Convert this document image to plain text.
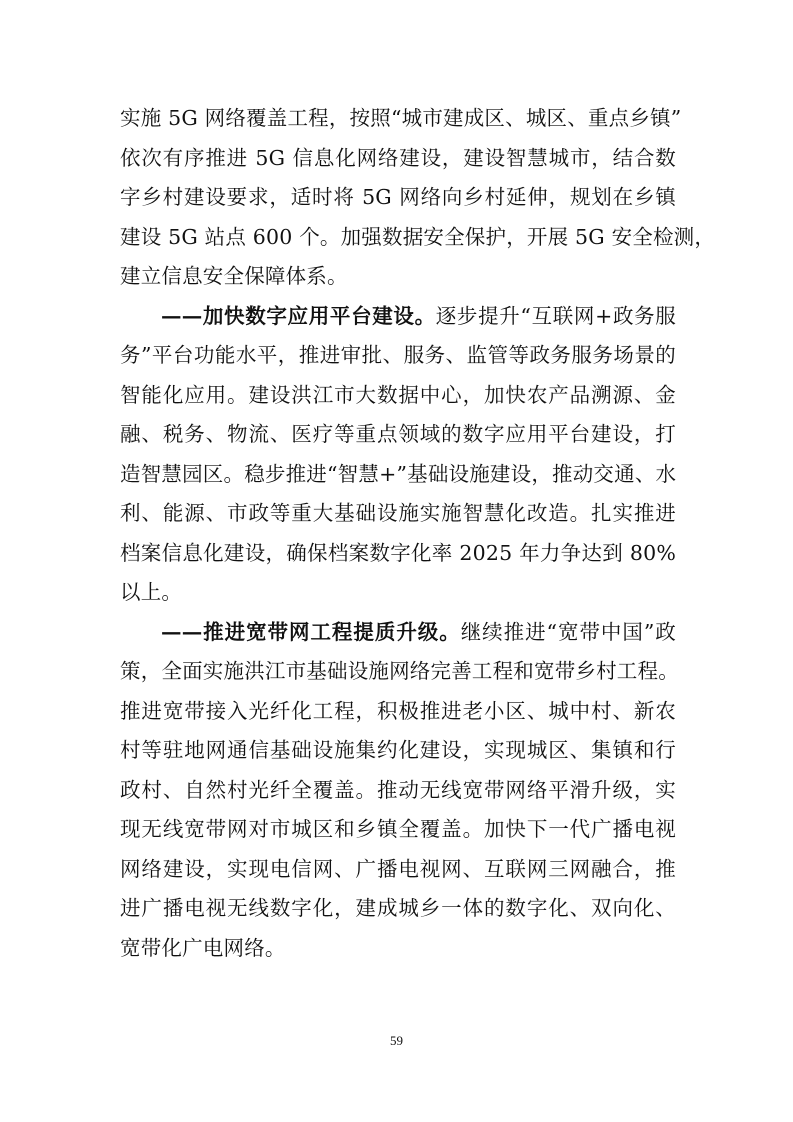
实施 5G 网络覆盖工程，按照“城市建成区、城区、重点乡镇”
依次有序推进 5G 信息化网络建设，建设智慧城市，结合数
字乡村建设要求，适时将 5G 网络向乡村延伸，规划在乡镇
建设 5G 站点 600 个。加强数据安全保护，开展 5G 安全检测，
建立信息安全保障体系。
——加快数字应用平台建设。逐步提升“互联网+政务服
务”平台功能水平，推进审批、服务、监管等政务服务场景的
智能化应用。建设洪江市大数据中心，加快农产品溯源、金
融、税务、物流、医疗等重点领域的数字应用平台建设，打
造智慧园区。稳步推进“智慧+”基础设施建设，推动交通、水
利、能源、市政等重大基础设施实施智慧化改造。扎实推进
档案信息化建设，确保档案数字化率 2025 年力争达到 80%
以上。
——推进宽带网工程提质升级。继续推进“宽带中国”政
策，全面实施洪江市基础设施网络完善工程和宽带乡村工程。
推进宽带接入光纤化工程，积极推进老小区、城中村、新农
村等驻地网通信基础设施集约化建设，实现城区、集镇和行
政村、自然村光纤全覆盖。推动无线宽带网络平滑升级，实
现无线宽带网对市城区和乡镇全覆盖。加快下一代广播电视
网络建设，实现电信网、广播电视网、互联网三网融合，推
进广播电视无线数字化，建成城乡一体的数字化、双向化、
宽带化广电网络。
59
